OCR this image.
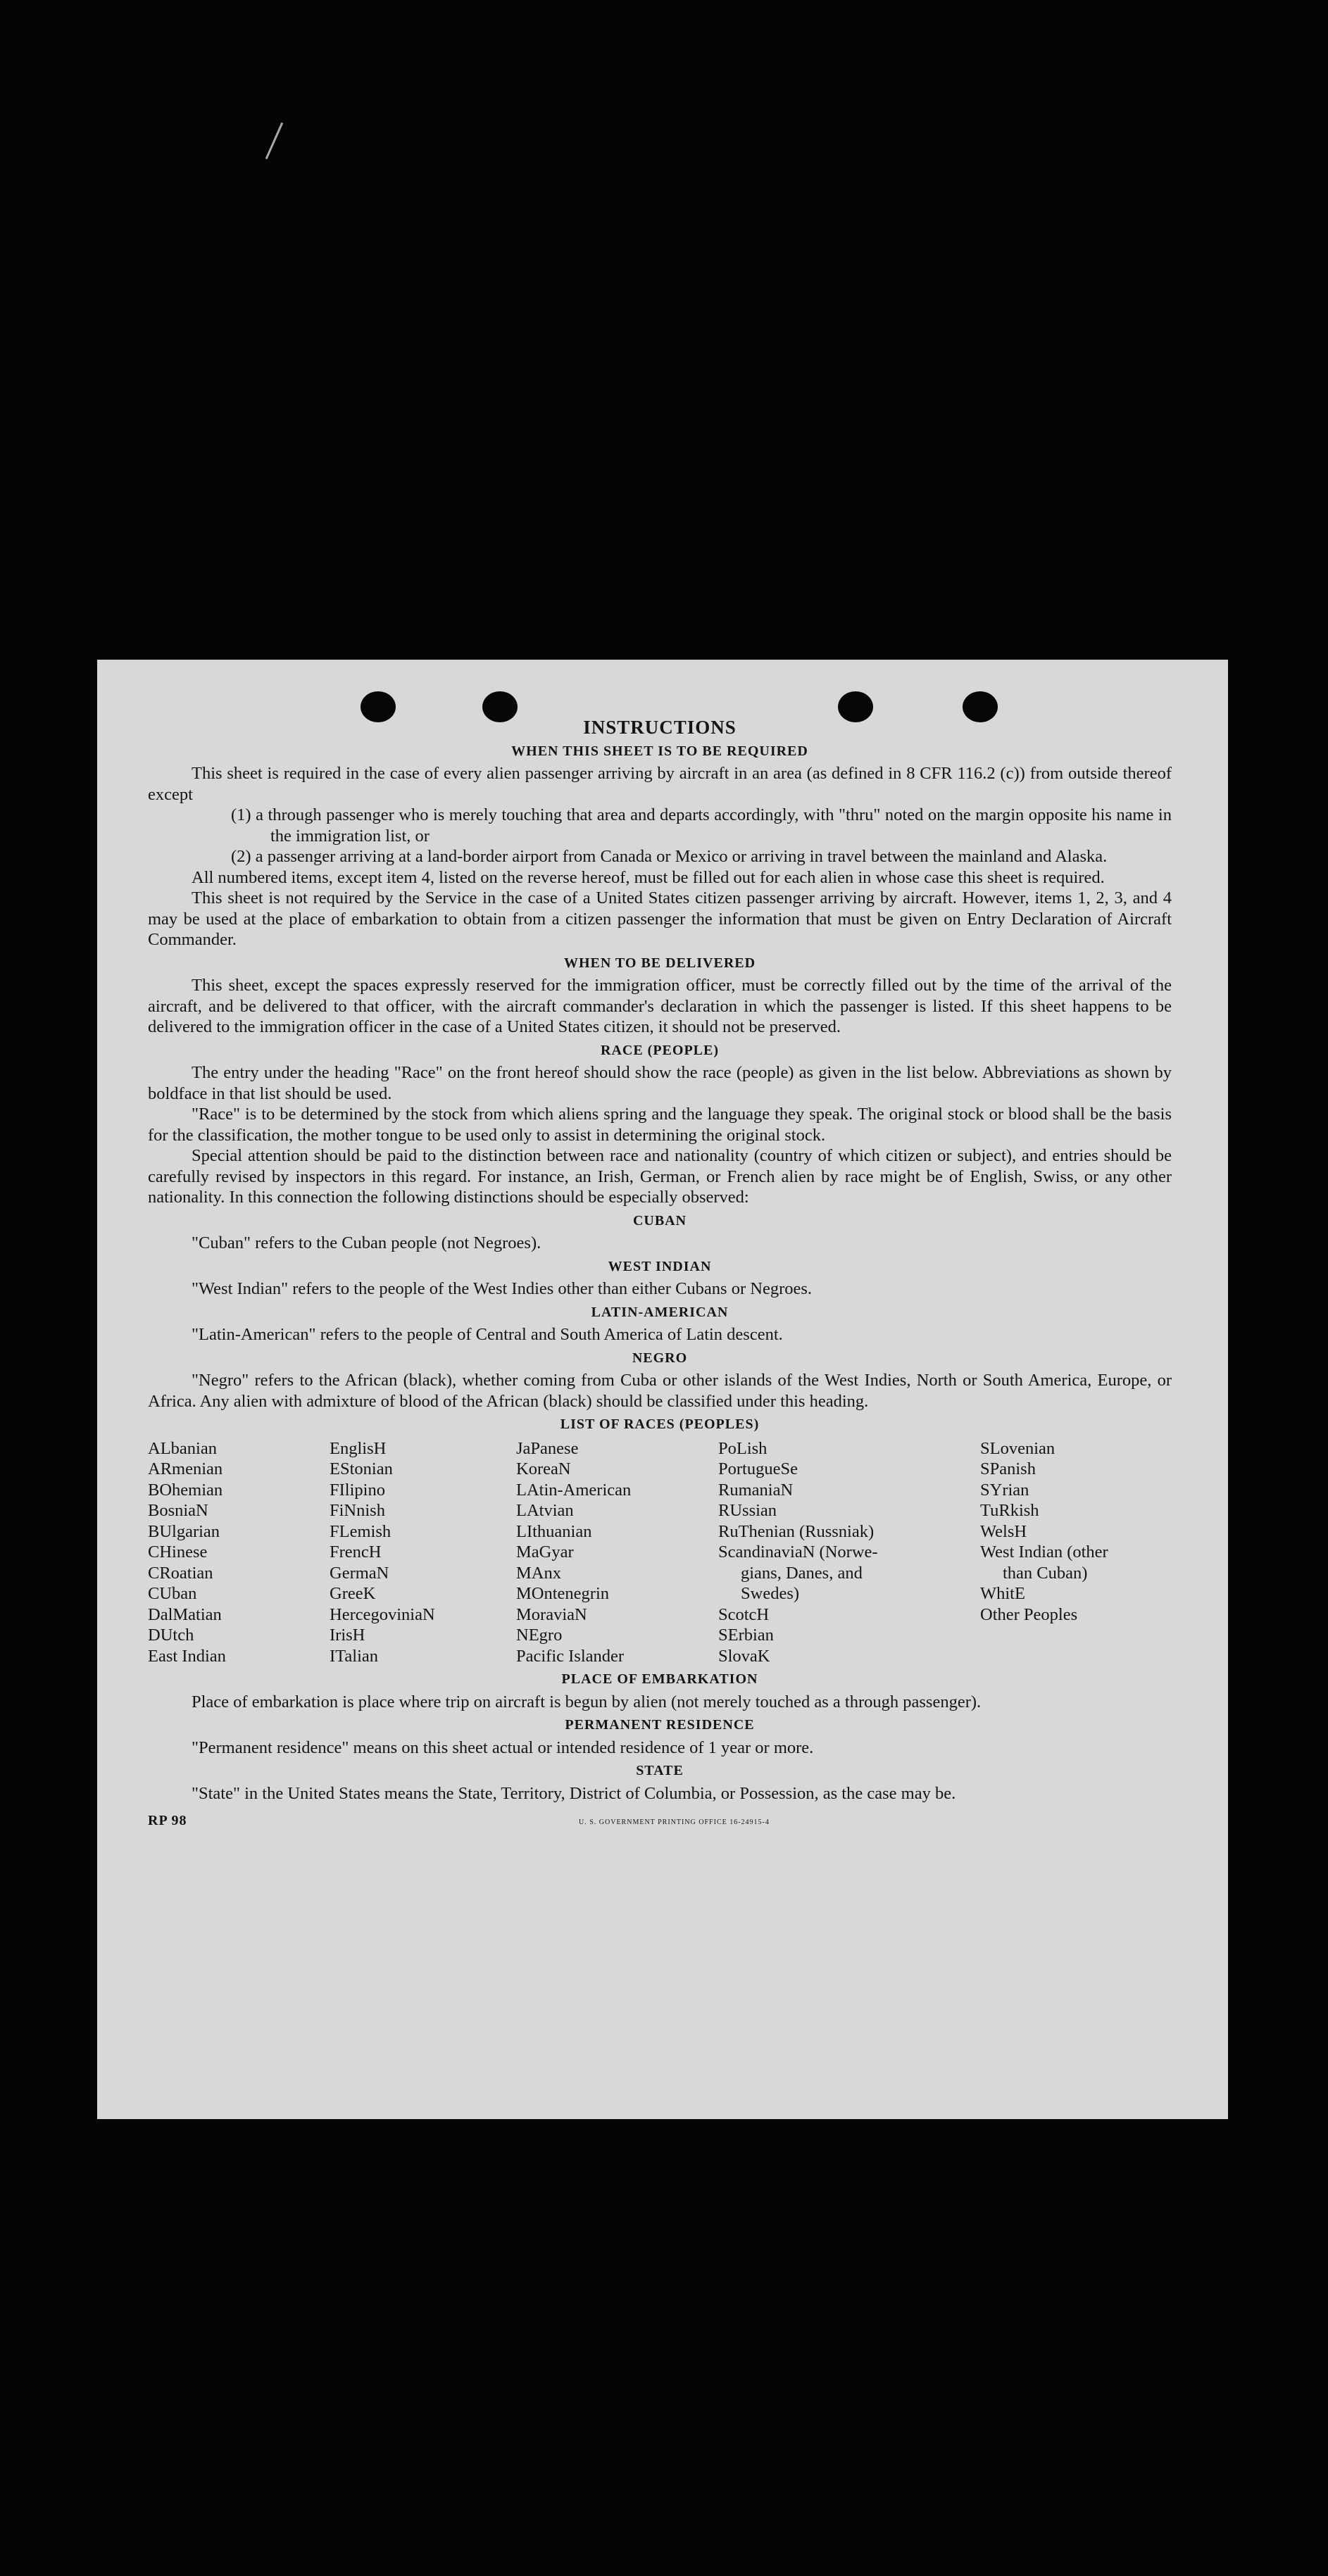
INSTRUCTIONS
WHEN THIS SHEET IS TO BE REQUIRED

This sheet is required in the case of every alien passenger arriving by aircraft in an area (as defined in 8 CFR 116.2 (c)) from outside thereof except

(1) a through passenger who is merely touching that area and departs accordingly, with "thru" noted on the margin opposite his name in the immigration list, or

(2) a passenger arriving at a land-border airport from Canada or Mexico or arriving in travel between the mainland and Alaska.

All numbered items, except item 4, listed on the reverse hereof, must be filled out for each alien in whose case this sheet is required.

This sheet is not required by the Service in the case of a United States citizen passenger arriving by aircraft. However, items 1, 2, 3, and 4 may be used at the place of embarkation to obtain from a citizen passenger the information that must be given on Entry Declaration of Aircraft Commander.

WHEN TO BE DELIVERED

This sheet, except the spaces expressly reserved for the immigration officer, must be correctly filled out by the time of the arrival of the aircraft, and be delivered to that officer, with the aircraft commander's declaration in which the passenger is listed. If this sheet happens to be delivered to the immigration officer in the case of a United States citizen, it should not be preserved.

RACE (PEOPLE)

The entry under the heading "Race" on the front hereof should show the race (people) as given in the list below. Abbreviations as shown by boldface in that list should be used.

"Race" is to be determined by the stock from which aliens spring and the language they speak. The original stock or blood shall be the basis for the classification, the mother tongue to be used only to assist in determining the original stock.

Special attention should be paid to the distinction between race and nationality (country of which citizen or subject), and entries should be carefully revised by inspectors in this regard. For instance, an Irish, German, or French alien by race might be of English, Swiss, or any other nationality. In this connection the following distinctions should be especially observed:

CUBAN

"Cuban" refers to the Cuban people (not Negroes).

WEST INDIAN

"West Indian" refers to the people of the West Indies other than either Cubans or Negroes.

LATIN-AMERICAN

"Latin-American" refers to the people of Central and South America of Latin descent.

NEGRO

"Negro" refers to the African (black), whether coming from Cuba or other islands of the West Indies, North or South America, Europe, or Africa. Any alien with admixture of blood of the African (black) should be classified under this heading.

LIST OF RACES (PEOPLES)
ALbanian
ARmenian
BOhemian
BosniaN
BUlgarian
CHinese
CRoatian
CUban
DalMatian
DUtch
East Indian
EnglisH
EStonian
FIlipino
FiNnish
FLemish
FrencH
GermaN
GreeK
HercegoviniaN
IrisH
ITalian
JaPanese
KoreaN
LAtin-American
LAtvian
LIthuanian
MaGyar
MAnx
MOntenegrin
MoraviaN
NEgro
Pacific Islander
PoLish
PortugueSe
RumaniaN
RUssian
RuThenian (Russniak)
ScandinaviaN (Norwe-
gians, Danes, and
Swedes)
ScotcH
SErbian
SlovaK
SLovenian
SPanish
SYrian
TuRkish
WelsH
West Indian (other
than Cuban)
WhitE
Other Peoples
PLACE OF EMBARKATION

Place of embarkation is place where trip on aircraft is begun by alien (not merely touched as a through passenger).

PERMANENT RESIDENCE

"Permanent residence" means on this sheet actual or intended residence of 1 year or more.

STATE

"State" in the United States means the State, Territory, District of Columbia, or Possession, as the case may be.

RP 98	U. S. GOVERNMENT PRINTING OFFICE 16-24915-4
